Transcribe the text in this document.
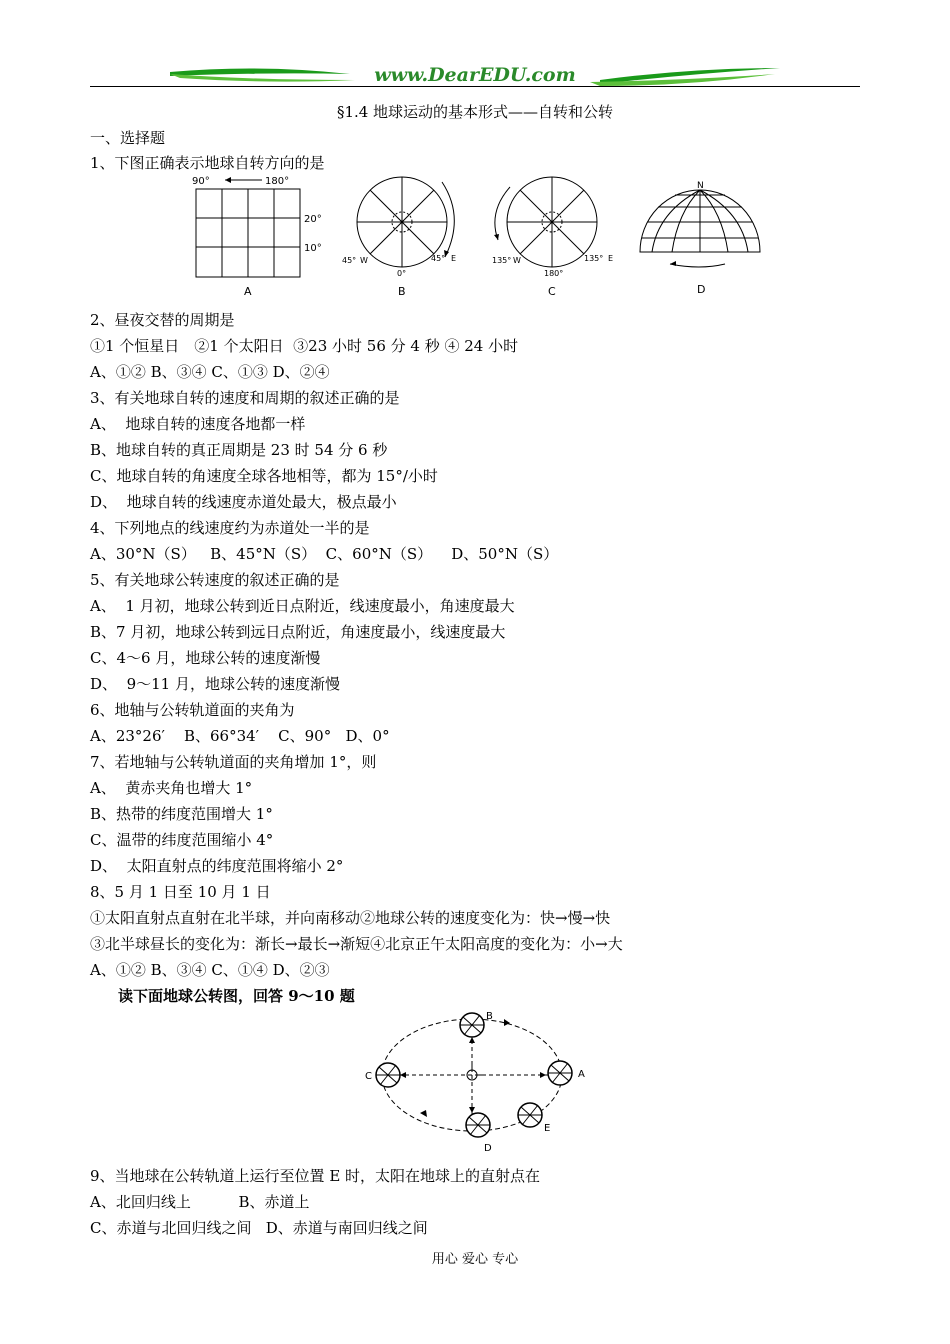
www.DearEDU.com
§1.4 地球运动的基本形式——自转和公转
一、选择题
1、下图正确表示地球自转方向的是
90°	180°
20°
10°
A
45° W
0°
45° E
B
135° W
180°
135° E
C
N
D
2、昼夜交替的周期是
①1 个恒星日　②1 个太阳日  ③23 小时 56 分 4 秒 ④ 24 小时
A、①② B、③④ C、①③ D、②④
3、有关地球自转的速度和周期的叙述正确的是
A、  地球自转的速度各地都一样
B、地球自转的真正周期是 23 时 54 分 6 秒
C、地球自转的角速度全球各地相等，都为 15°/小时
D、  地球自转的线速度赤道处最大，极点最小
4、下列地点的线速度约为赤道处一半的是
A、30°N（S）   B、45°N（S）  C、60°N（S）    D、50°N（S）
5、有关地球公转速度的叙述正确的是
A、  1 月初，地球公转到近日点附近，线速度最小，角速度最大
B、7 月初，地球公转到远日点附近，角速度最小，线速度最大
C、4～6 月，地球公转的速度渐慢
D、  9～11 月，地球公转的速度渐慢
6、地轴与公转轨道面的夹角为
A、23°26′    B、66°34′    C、90°   D、0°
7、若地轴与公转轨道面的夹角增加 1°，则
A、  黄赤夹角也增大 1°
B、热带的纬度范围增大 1°
C、温带的纬度范围缩小 4°
D、  太阳直射点的纬度范围将缩小 2°
8、5 月 1 日至 10 月 1 日
①太阳直射点直射在北半球，并向南移动②地球公转的速度变化为：快→慢→快
③北半球昼长的变化为：渐长→最长→渐短④北京正午太阳高度的变化为：小→大
A、①② B、③④ C、①④ D、②③
读下面地球公转图，回答 9～10 题
B
C	A
D
E
9、当地球在公转轨道上运行至位置 E 时，太阳在地球上的直射点在
A、北回归线上          B、赤道上
C、赤道与北回归线之间   D、赤道与南回归线之间
用心 爱心 专心
